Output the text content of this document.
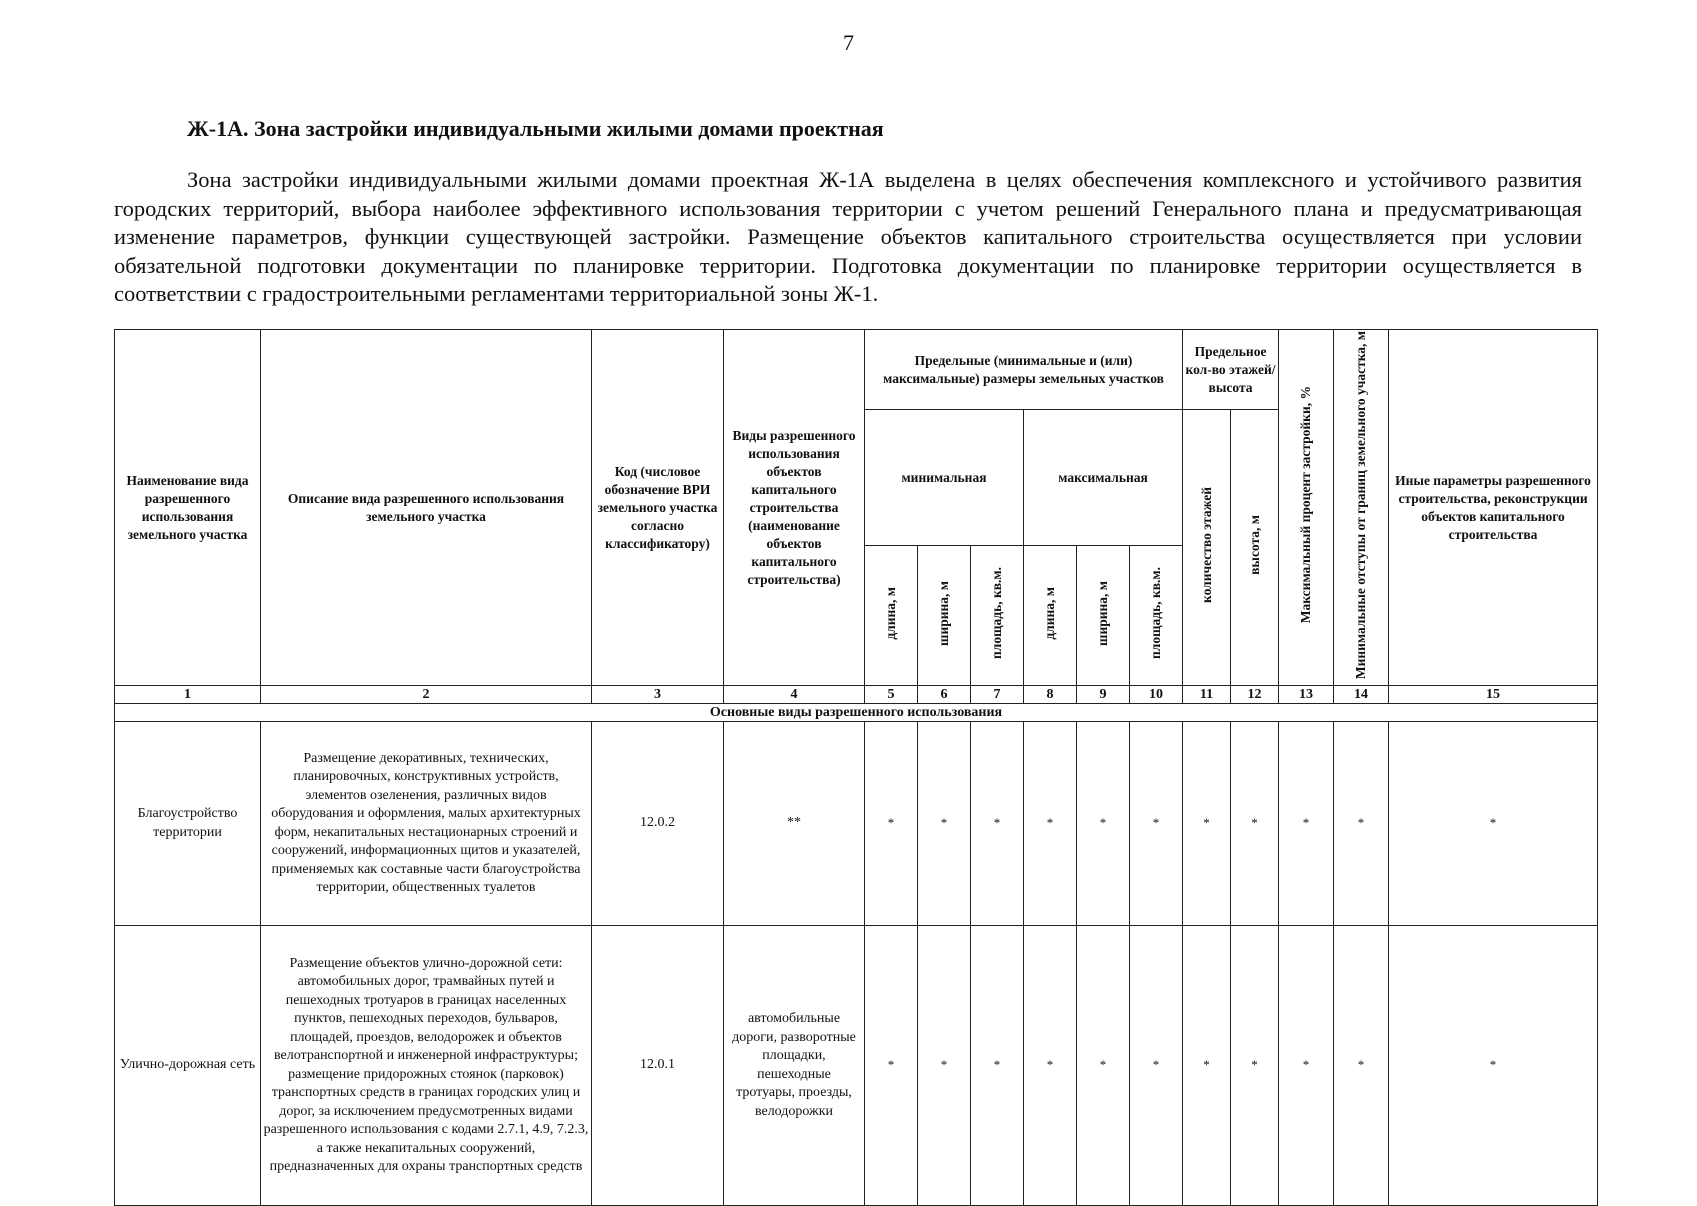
7
Ж-1А. Зона застройки индивидуальными жилыми домами проектная

Зона застройки индивидуальными жилыми домами проектная Ж-1А выделена в целях обеспечения комплексного и устойчивого развития городских территорий, выбора наиболее эффективного использования территории с учетом решений Генерального плана и предусматривающая изменение параметров, функции существующей застройки. Размещение объектов капитального строительства осуществляется при условии обязательной подготовки документации по планировке территории. Подготовка документации по планировке территории осуществляется в соответствии с градостроительными регламентами территориальной зоны Ж-1.

Наименование вида разрешенного использования земельного участка	Описание вида разрешенного использования земельного участка	Код (числовое обозначение ВРИ земельного участка согласно классификатору)	Виды разрешенного использования объектов капитального строительства (наименование объектов капитального строительства)	Предельные (минимальные и (или) максимальные) размеры земельных участков						Предельное кол-во этажей/ высота		Максимальный процент застройки, %	Минимальные отступы от границ земельного участка, м	Иные параметры разрешенного строительства, реконструкции объектов капитального строительства
				минимальная			максимальная			количество этажей	высота, м			
				длина, м	ширина, м	площадь, кв.м.	длина, м	ширина, м	площадь, кв.м.					
1	2	3	4	5	6	7	8	9	10	11	12	13	14	15
Основные виды разрешенного использования														
Благоустройство территории	Размещение декоративных, технических, планировочных, конструктивных устройств, элементов озеленения, различных видов оборудования и оформления, малых архитектурных форм, некапитальных нестационарных строений и сооружений, информационных щитов и указателей, применяемых как составные части благоустройства территории, общественных туалетов	12.0.2	**	*	*	*	*	*	*	*	*	*	*	*
Улично-дорожная сеть	Размещение объектов улично-дорожной сети: автомобильных дорог, трамвайных путей и пешеходных тротуаров в границах населенных пунктов, пешеходных переходов, бульваров, площадей, проездов, велодорожек и объектов велотранспортной и инженерной инфраструктуры; размещение придорожных стоянок (парковок) транспортных средств в границах городских улиц и дорог, за исключением предусмотренных видами разрешенного использования с кодами 2.7.1, 4.9, 7.2.3, а также некапитальных сооружений, предназначенных для охраны транспортных средств	12.0.1	автомобильные дороги, разворотные площадки, пешеходные тротуары, проезды, велодорожки	*	*	*	*	*	*	*	*	*	*	*
